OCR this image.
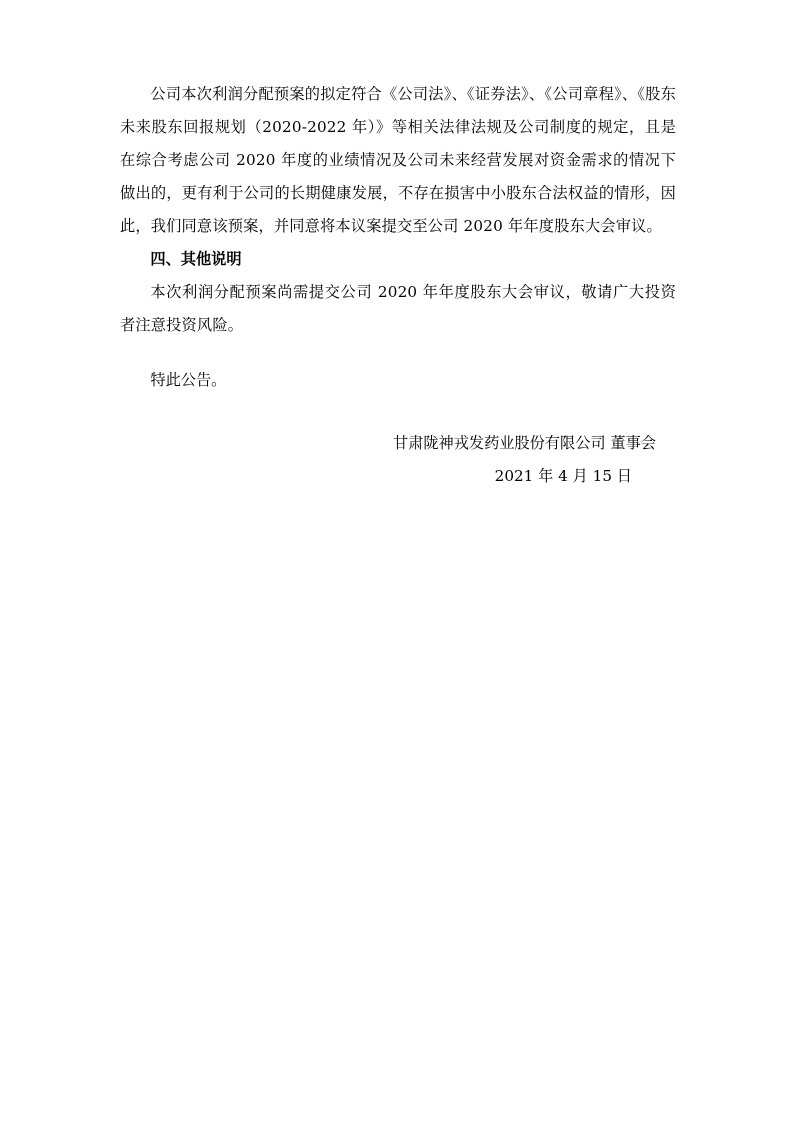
公司本次利润分配预案的拟定符合《公司法》、《证券法》、《公司章程》、《股东未来股东回报规划（2020-2022 年）》等相关法律法规及公司制度的规定，且是在综合考虑公司 2020 年度的业绩情况及公司未来经营发展对资金需求的情况下做出的，更有利于公司的长期健康发展，不存在损害中小股东合法权益的情形，因此，我们同意该预案，并同意将本议案提交至公司 2020 年年度股东大会审议。

四、其他说明

本次利润分配预案尚需提交公司 2020 年年度股东大会审议，敬请广大投资者注意投资风险。

特此公告。

甘肃陇神戎发药业股份有限公司 董事会

2021 年 4 月 15 日
